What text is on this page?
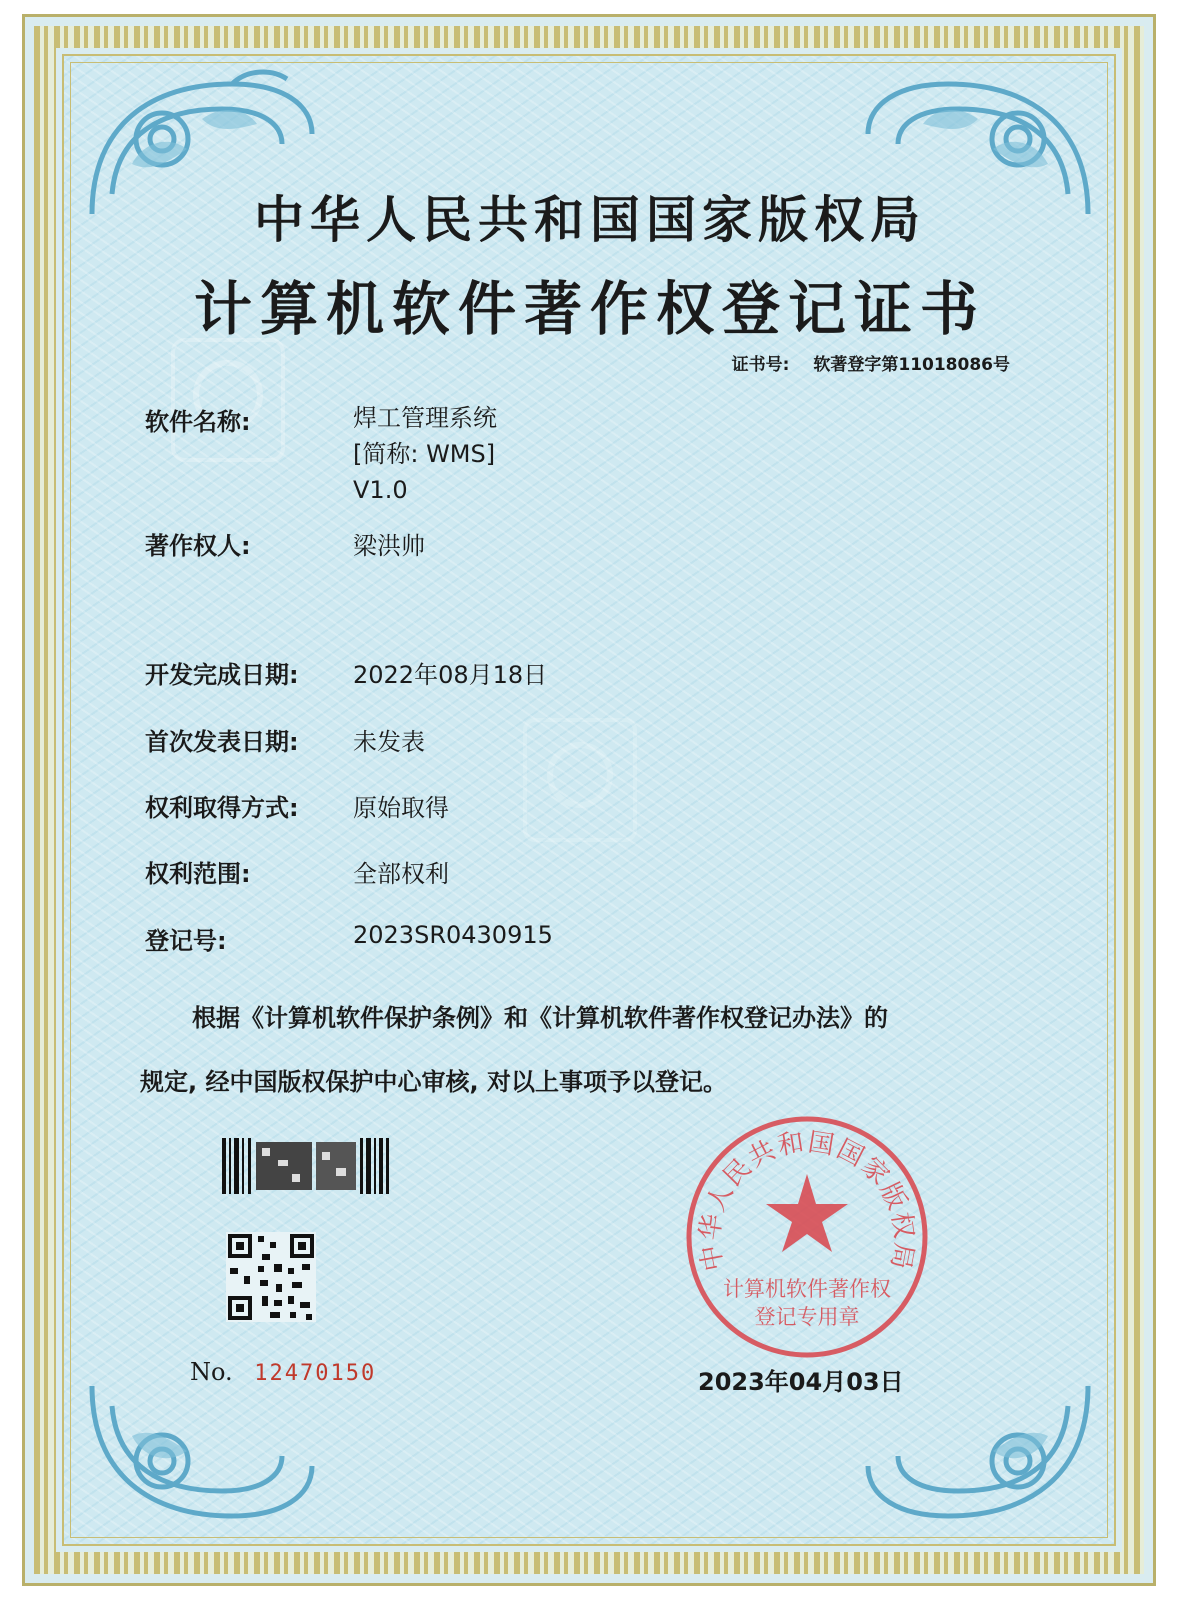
中华人民共和国国家版权局
计算机软件著作权登记证书
证书号: 软著登字第11018086号
软件名称:	焊工管理系统
[简称: WMS]
V1.0
著作权人:	梁洪帅
开发完成日期: 2022年08月18日
首次发表日期: 未发表
权利取得方式: 原始取得
权利范围:	全部权利
登记号:	2023SR0430915
根据《计算机软件保护条例》和《计算机软件著作权登记办法》的
规定, 经中国版权保护中心审核, 对以上事项予以登记。
No. 12470150
中华人民共和国国家版权局
计算机软件著作权
登记专用章
2023年04月03日
